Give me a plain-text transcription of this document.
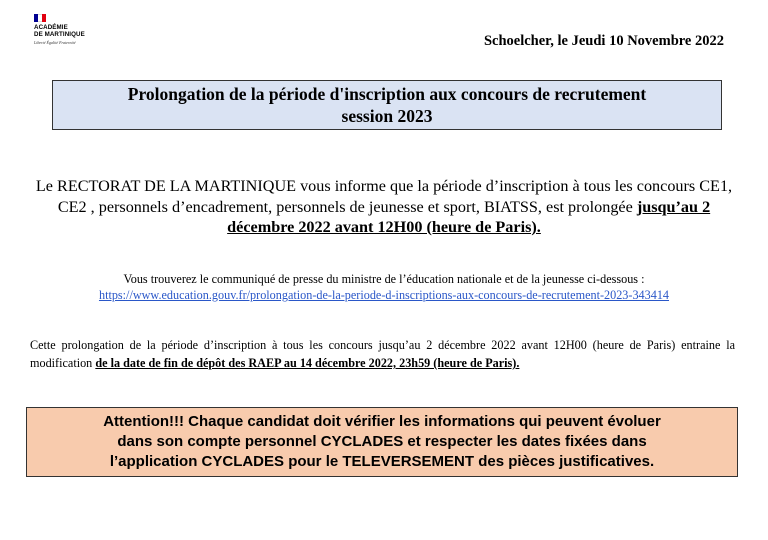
ACADÉMIE
DE MARTINIQUE
Liberté Égalité Fraternité	Schoelcher, le Jeudi 10 Novembre 2022
Prolongation de la période d'inscription aux concours de recrutement
session 2023
Le RECTORAT DE LA MARTINIQUE vous informe que la période d’inscription à tous les concours CE1, CE2 , personnels d’encadrement, personnels de jeunesse et sport, BIATSS, est prolongée jusqu’au 2 décembre 2022 avant 12H00 (heure de Paris).
Vous trouverez le communiqué de presse du ministre de l’éducation nationale et de la jeunesse ci-dessous :
https://www.education.gouv.fr/prolongation-de-la-periode-d-inscriptions-aux-concours-de-recrutement-2023-343414
Cette prolongation de la période d’inscription à tous les concours jusqu’au 2 décembre 2022 avant 12H00 (heure de Paris) entraine la modification de la date de fin de dépôt des RAEP au 14 décembre 2022, 23h59 (heure de Paris).
Attention!!! Chaque candidat doit vérifier les informations qui peuvent évoluer
dans son compte personnel CYCLADES et respecter les dates fixées dans
l’application CYCLADES pour le TELEVERSEMENT des pièces justificatives.
